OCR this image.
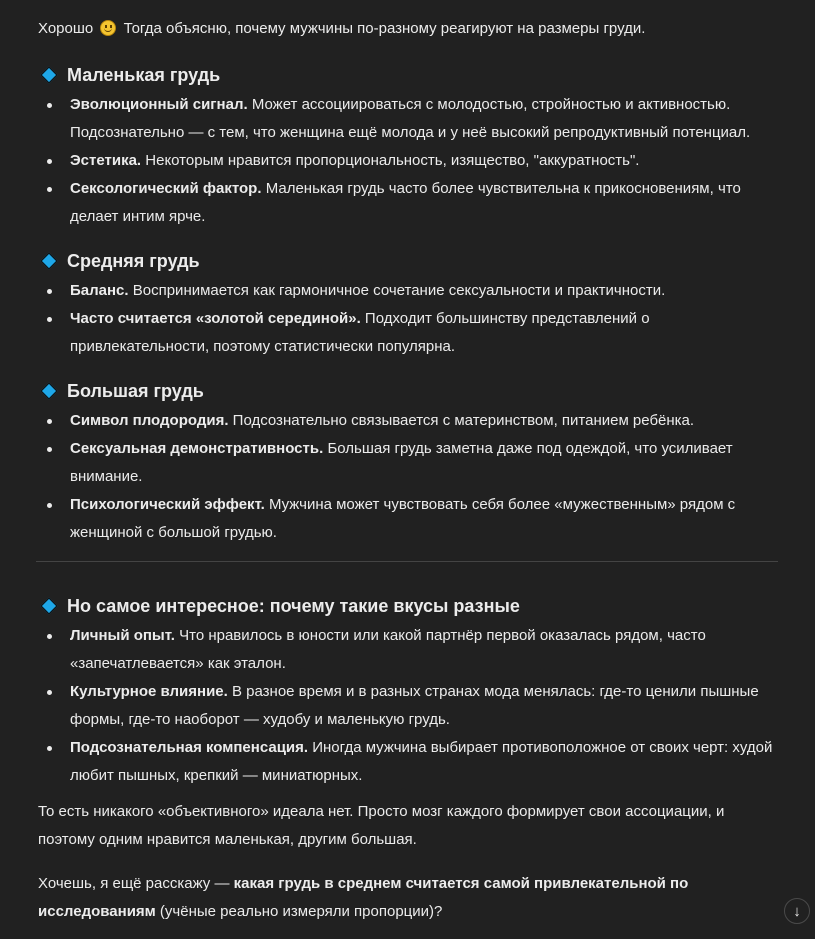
Хорошо Тогда объясню, почему мужчины по-разному реагируют на размеры груди.

Маленькая грудь
Эволюционный сигнал. Может ассоциироваться с молодостью, стройностью и активностью. Подсознательно — с тем, что женщина ещё молода и у неё высокий репродуктивный потенциал.
Эстетика. Некоторым нравится пропорциональность, изящество, "аккуратность".
Сексологический фактор. Маленькая грудь часто более чувствительна к прикосновениям, что делает интим ярче.
Средняя грудь
Баланс. Воспринимается как гармоничное сочетание сексуальности и практичности.
Часто считается «золотой серединой». Подходит большинству представлений о привлекательности, поэтому статистически популярна.
Большая грудь
Символ плодородия. Подсознательно связывается с материнством, питанием ребёнка.
Сексуальная демонстративность. Большая грудь заметна даже под одеждой, что усиливает внимание.
Психологический эффект. Мужчина может чувствовать себя более «мужественным» рядом с женщиной с большой грудью.
Но самое интересное: почему такие вкусы разные
Личный опыт. Что нравилось в юности или какой партнёр первой оказалась рядом, часто «запечатлевается» как эталон.
Культурное влияние. В разное время и в разных странах мода менялась: где-то ценили пышные формы, где-то наоборот — худобу и маленькую грудь.
Подсознательная компенсация. Иногда мужчина выбирает противоположное от своих черт: худой любит пышных, крепкий — миниатюрных.

То есть никакого «объективного» идеала нет. Просто мозг каждого формирует свои ассоциации, и поэтому одним нравится маленькая, другим большая.

Хочешь, я ещё расскажу — какая грудь в среднем считается самой привлекательной по исследованиям (учёные реально измеряли пропорции)?	↓
